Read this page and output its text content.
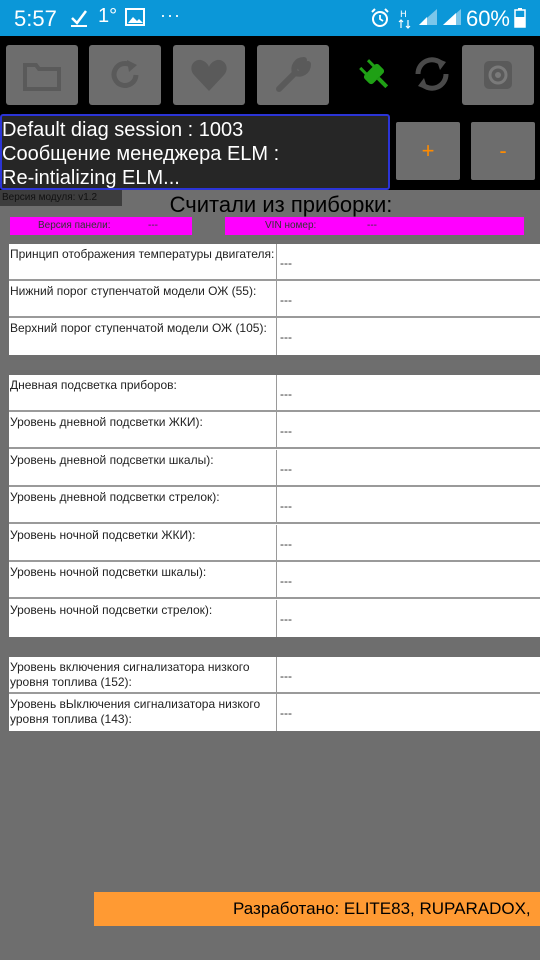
5:57 1° ···	H	60%
Default diag session : 1003
Сообщение менеджера ELM :
Re-intializing ELM...
+	-
Версия модуля: v1.2	Считали из приборки:
Версия панели:	---	VIN номер:	---
Принцип отображения температуры двигателя:
---
Нижний порог ступенчатой модели ОЖ (55):
---
Верхний порог ступенчатой модели ОЖ (105):
---
Дневная подсветка приборов:
---
Уровень дневной подсветки ЖКИ):
---
Уровень дневной подсветки шкалы):
---
Уровень дневной подсветки стрелок):
---
Уровень ночной подсветки ЖКИ):
---
Уровень ночной подсветки шкалы):
---
Уровень ночной подсветки стрелок):
---
Уровень включения сигнализатора низкого уровня топлива (152):	---
Уровень вЫключения сигнализатора низкого уровня топлива (143):	---
Разработано: ELITE83, RUPARADOX,
